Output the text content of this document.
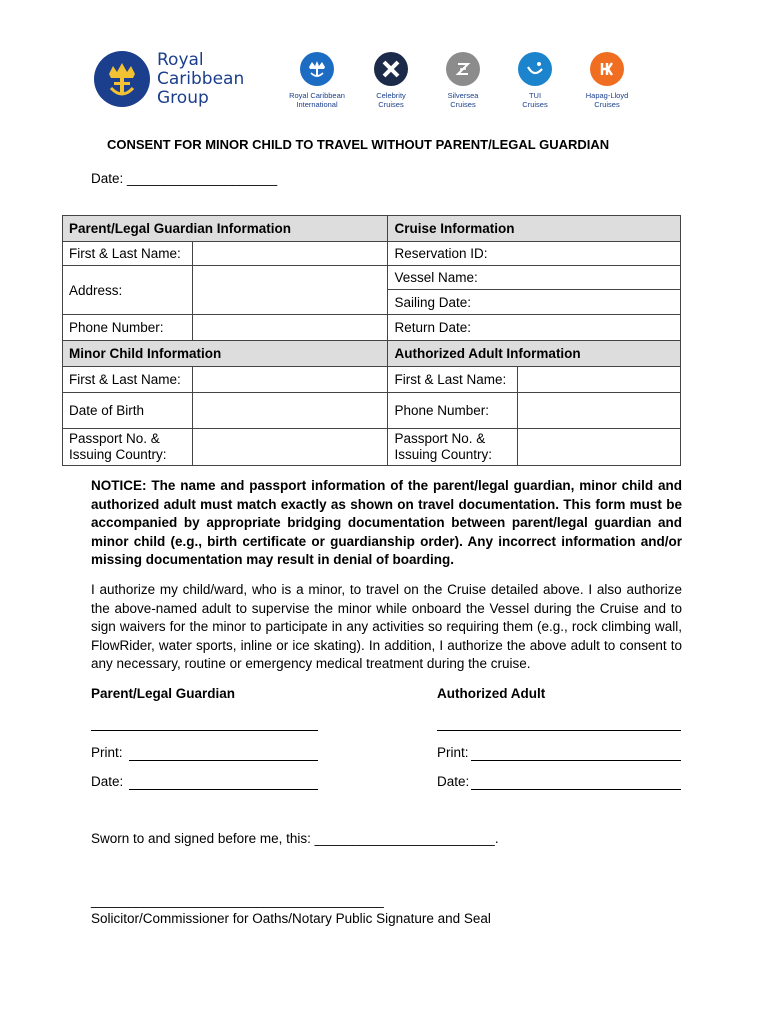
Royal
Caribbean
Group	Royal Caribbean
International
Celebrity
Cruises
Silversea
Cruises
TUI
Cruises
Hapag-Lloyd
Cruises
CONSENT FOR MINOR CHILD TO TRAVEL WITHOUT PARENT/LEGAL GUARDIAN
Date: ____________________
Parent/Legal Guardian Information		Cruise Information	
First & Last Name:		Reservation ID:	
Address:		Vessel Name:	
		Sailing Date:	
Phone Number:		Return Date:	
Minor Child Information		Authorized Adult Information	
First & Last Name:		First & Last Name:	
Date of Birth		Phone Number:	
Passport No. &
Issuing Country:		Passport No. &
Issuing Country:	
NOTICE: The name and passport information of the parent/legal guardian, minor child and authorized adult must match exactly as shown on travel documentation. This form must be accompanied by appropriate bridging documentation between parent/legal guardian and minor child (e.g., birth certificate or guardianship order). Any incorrect information and/or missing documentation may result in denial of boarding.
I authorize my child/ward, who is a minor, to travel on the Cruise detailed above. I also authorize the above-named adult to supervise the minor while onboard the Vessel during the Cruise and to sign waivers for the minor to participate in any activities so requiring them (e.g., rock climbing wall, FlowRider, water sports, inline or ice skating). In addition, I authorize the above adult to consent to any necessary, routine or emergency medical treatment during the cruise.
Parent/Legal Guardian	Authorized Adult
Print:	Print:
Date:	Date:
Sworn to and signed before me, this: ________________________.
_______________________________________
Solicitor/Commissioner for Oaths/Notary Public Signature and Seal
